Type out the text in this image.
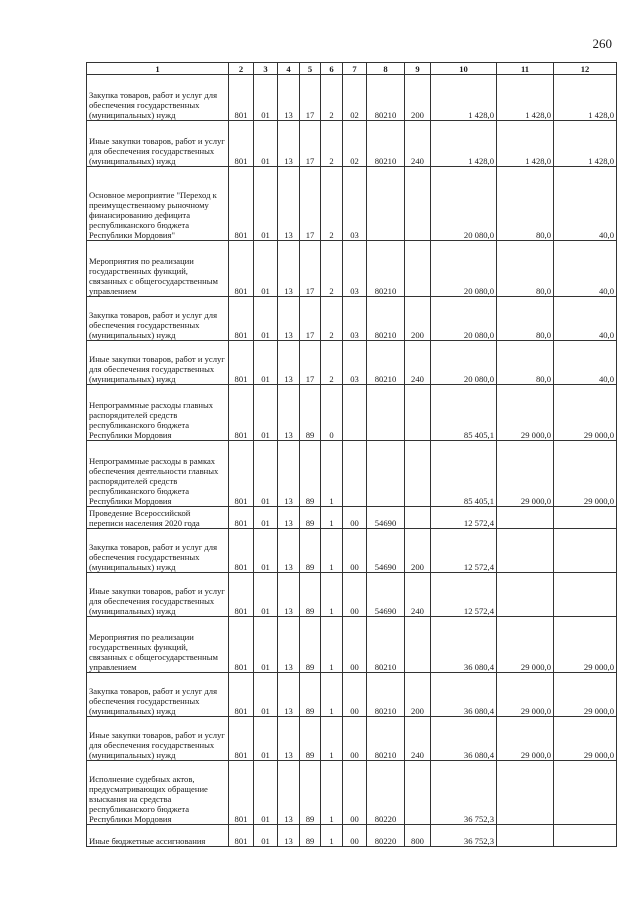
260
1	2	3	4	5	6	7	8	9	10	11	12
Закупка товаров, работ и услуг для обеспечения государственных (муниципальных) нужд	801	01	13	17	2	02	80210	200	1 428,0	1 428,0	1 428,0
Иные закупки товаров, работ и услуг для обеспечения государственных (муниципальных) нужд	801	01	13	17	2	02	80210	240	1 428,0	1 428,0	1 428,0
Основное мероприятие "Переход к преимущественному рыночному финансированию дефицита республиканского бюджета Республики Мордовия"	801	01	13	17	2	03			20 080,0	80,0	40,0
Мероприятия по реализации государственных функций, связанных с общегосударственным управлением	801	01	13	17	2	03	80210		20 080,0	80,0	40,0
Закупка товаров, работ и услуг для обеспечения государственных (муниципальных) нужд	801	01	13	17	2	03	80210	200	20 080,0	80,0	40,0
Иные закупки товаров, работ и услуг для обеспечения государственных (муниципальных) нужд	801	01	13	17	2	03	80210	240	20 080,0	80,0	40,0
Непрограммные расходы главных распорядителей средств республиканского бюджета Республики Мордовия	801	01	13	89	0				85 405,1	29 000,0	29 000,0
Непрограммные расходы в рамках обеспечения деятельности главных распорядителей средств республиканского бюджета Республики Мордовия	801	01	13	89	1				85 405,1	29 000,0	29 000,0
Проведение Всероссийской переписи населения 2020 года	801	01	13	89	1	00	54690		12 572,4		
Закупка товаров, работ и услуг для обеспечения государственных (муниципальных) нужд	801	01	13	89	1	00	54690	200	12 572,4		
Иные закупки товаров, работ и услуг для обеспечения государственных (муниципальных) нужд	801	01	13	89	1	00	54690	240	12 572,4		
Мероприятия по реализации государственных функций, связанных с общегосударственным управлением	801	01	13	89	1	00	80210		36 080,4	29 000,0	29 000,0
Закупка товаров, работ и услуг для обеспечения государственных (муниципальных) нужд	801	01	13	89	1	00	80210	200	36 080,4	29 000,0	29 000,0
Иные закупки товаров, работ и услуг для обеспечения государственных (муниципальных) нужд	801	01	13	89	1	00	80210	240	36 080,4	29 000,0	29 000,0
Исполнение судебных актов, предусматривающих обращение взыскания на средства республиканского бюджета Республики Мордовия	801	01	13	89	1	00	80220		36 752,3		
Иные бюджетные ассигнования	801	01	13	89	1	00	80220	800	36 752,3		
